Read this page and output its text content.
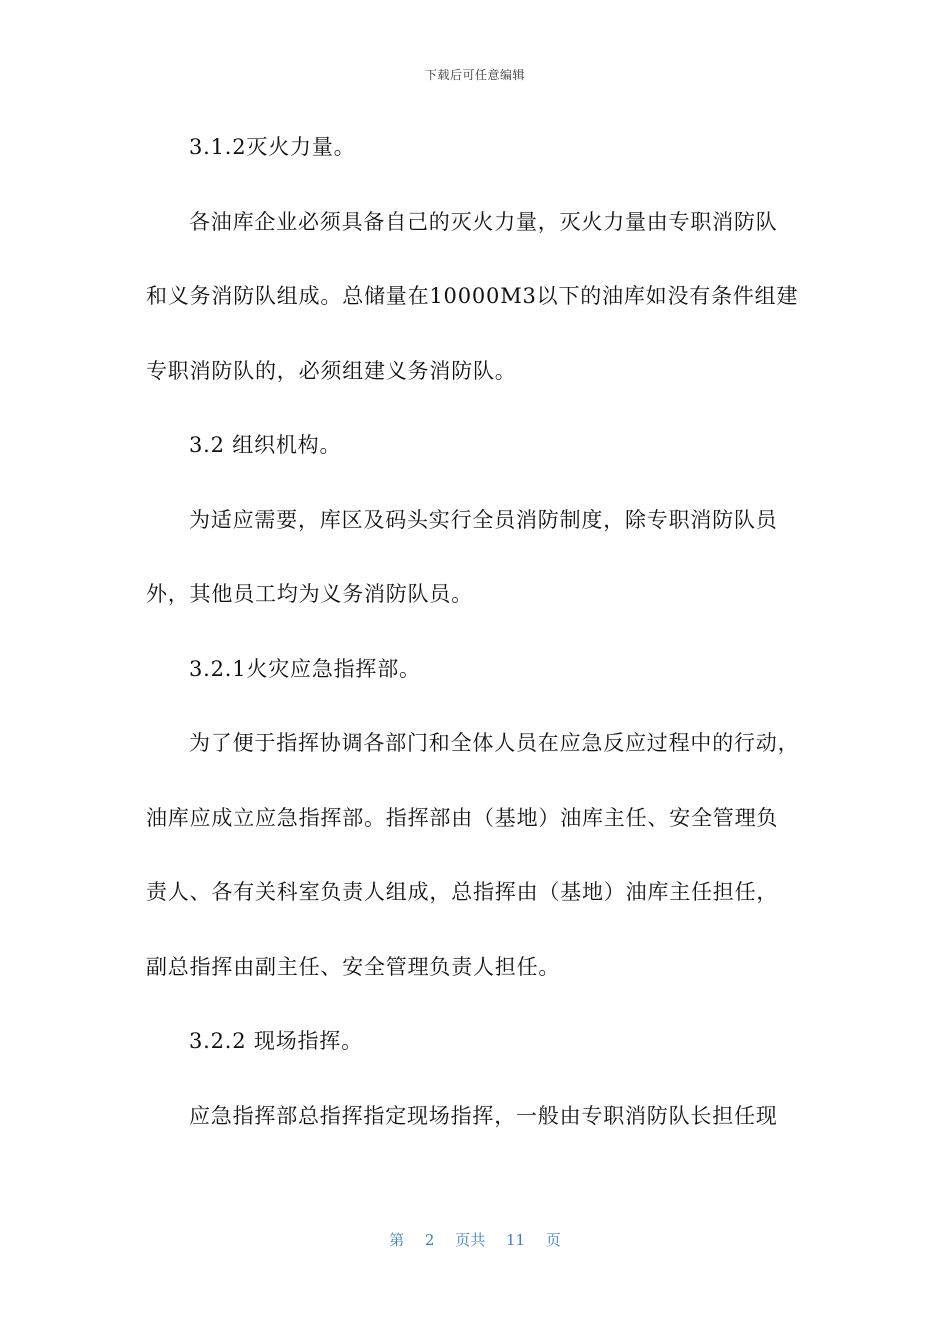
下载后可任意编辑
3.1.2灭火力量。
各油库企业必须具备自己的灭火力量，灭火力量由专职消防队
和义务消防队组成。总储量在10000M3以下的油库如没有条件组建
专职消防队的，必须组建义务消防队。
3.2 组织机构。
为适应需要，库区及码头实行全员消防制度，除专职消防队员
外，其他员工均为义务消防队员。
3.2.1火灾应急指挥部。
为了便于指挥协调各部门和全体人员在应急反应过程中的行动，
油库应成立应急指挥部。指挥部由（基地）油库主任、安全管理负
责人、各有关科室负责人组成，总指挥由（基地）油库主任担任，
副总指挥由副主任、安全管理负责人担任。
3.2.2 现场指挥。
应急指挥部总指挥指定现场指挥，一般由专职消防队长担任现
第 2 页共 11 页
